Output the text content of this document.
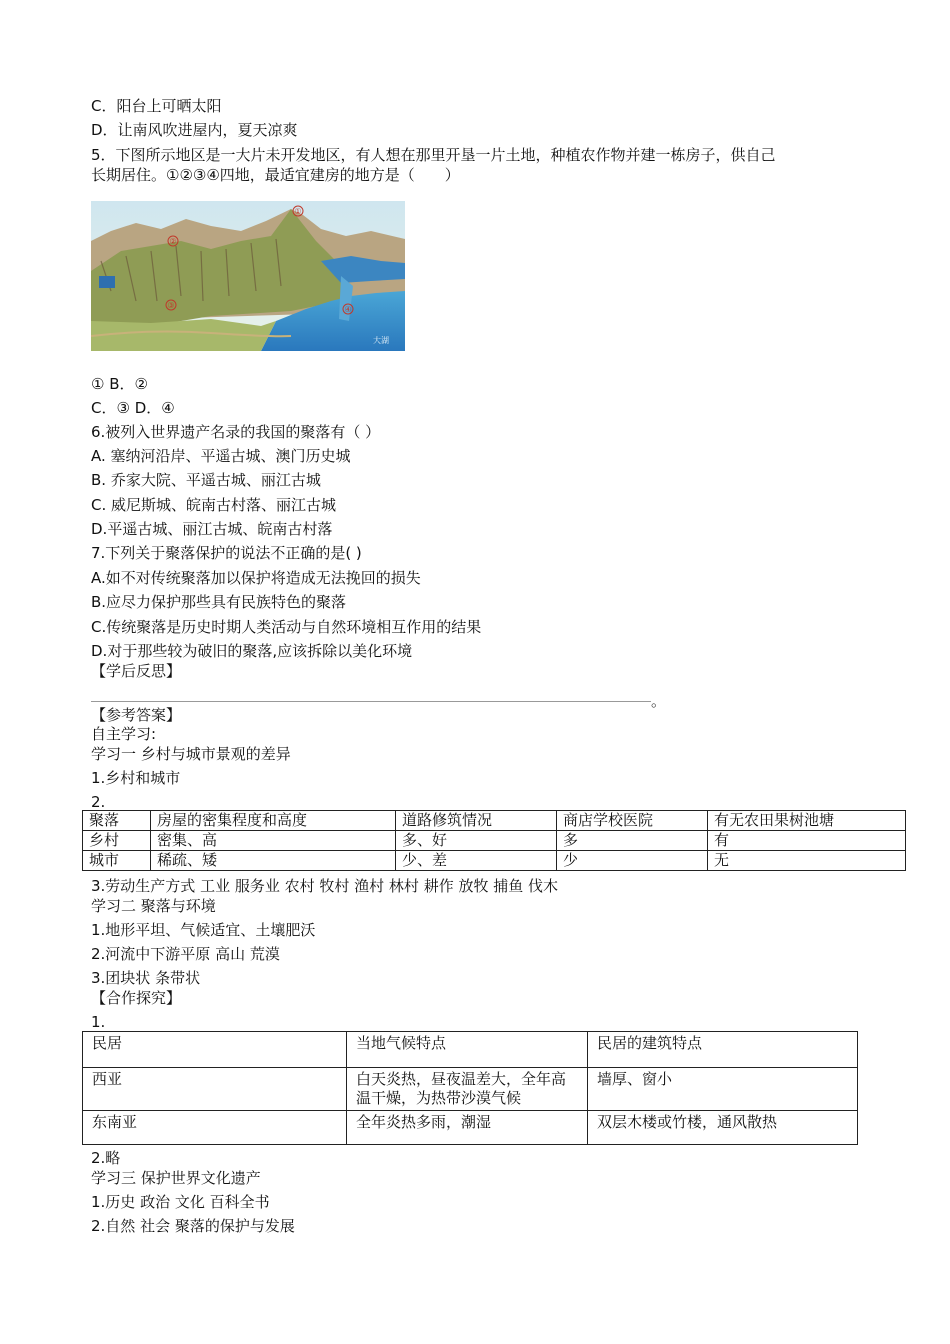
C．阳台上可晒太阳
D．让南风吹进屋内，夏天凉爽
5．下图所示地区是一大片未开发地区，有人想在那里开垦一片土地，种植农作物并建一栋房子，供自己
长期居住。①②③④四地，最适宜建房的地方是（　　）
①
②
③	④
大湖
① B．②
C．③ D．④
6.被列入世界遗产名录的我国的聚落有（ ）
A. 塞纳河沿岸、平遥古城、澳门历史城
B. 乔家大院、平遥古城、丽江古城
C. 威尼斯城、皖南古村落、丽江古城
D.平遥古城、丽江古城、皖南古村落
7.下列关于聚落保护的说法不正确的是( )
A.如不对传统聚落加以保护将造成无法挽回的损失
B.应尽力保护那些具有民族特色的聚落
C.传统聚落是历史时期人类活动与自然环境相互作用的结果
D.对于那些较为破旧的聚落,应该拆除以美化环境
【学后反思】
。
【参考答案】
自主学习:
学习一 乡村与城市景观的差异
1.乡村和城市
2.
聚落	房屋的密集程度和高度	道路修筑情况	商店学校医院	有无农田果树池塘
乡村	密集、高	多、好	多	有
城市	稀疏、矮	少、差	少	无
3.劳动生产方式 工业 服务业 农村 牧村 渔村 林村 耕作 放牧 捕鱼 伐木
学习二 聚落与环境
1.地形平坦、气候适宜、土壤肥沃
2.河流中下游平原 高山 荒漠
3.团块状 条带状
【合作探究】
1.
民居	当地气候特点	民居的建筑特点
西亚	白天炎热，昼夜温差大，全年高温干燥，为热带沙漠气候	墙厚、窗小
东南亚	全年炎热多雨，潮湿	双层木楼或竹楼，通风散热
2.略
学习三 保护世界文化遗产
1.历史 政治 文化 百科全书
2.自然 社会 聚落的保护与发展
